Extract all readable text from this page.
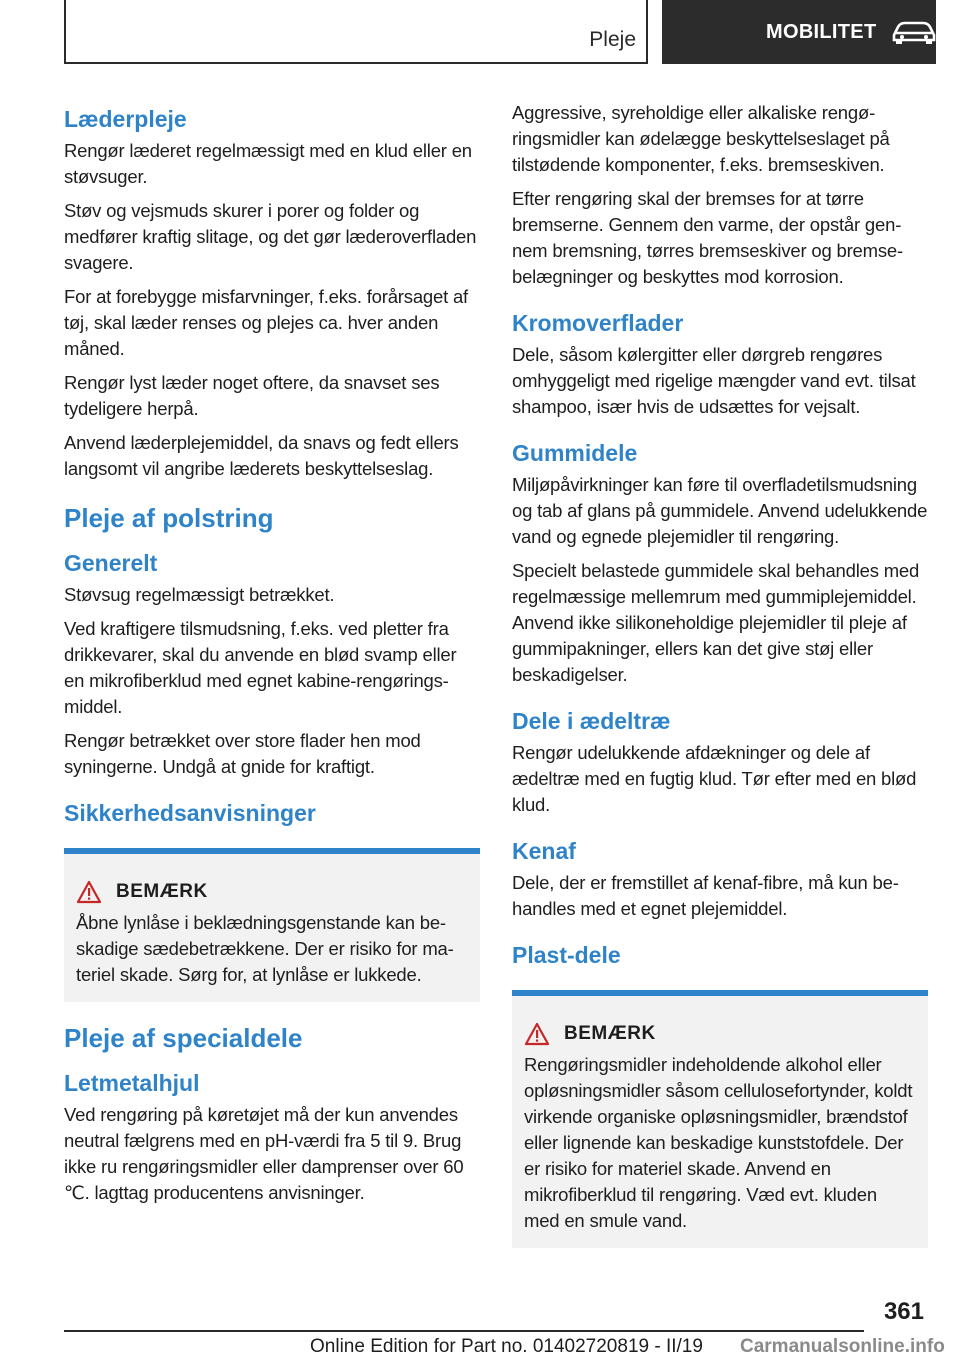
Pleje	MOBILITET
Læderpleje

Rengør læderet regelmæssigt med en klud eller en støvsuger.

Støv og vejsmuds skurer i porer og folder og medfører kraftig slitage, og det gør læderoverfladen svagere.

For at forebygge misfarvninger, f.eks. forårsaget af tøj, skal læder renses og plejes ca. hver anden måned.

Rengør lyst læder noget oftere, da snavset ses tydeligere herpå.

Anvend læderplejemiddel, da snavs og fedt ellers langsomt vil angribe læderets beskyttelseslag.

Pleje af polstring
Generelt

Støvsug regelmæssigt betrækket.

Ved kraftigere tilsmudsning, f.eks. ved pletter fra drikkevarer, skal du anvende en blød svamp eller en mikrofiberklud med egnet kabine-rengøringsmiddel.

Rengør betrækket over store flader hen mod syningerne. Undgå at gnide for kraftigt.

Sikkerhedsanvisninger
BEMÆRK

Åbne lynlåse i beklædningsgenstande kan beskadige sædebetrækkene. Der er risiko for materiel skade. Sørg for, at lynlåse er lukkede.

Pleje af specialdele
Letmetalhjul

Ved rengøring på køretøjet må der kun anvendes neutral fælgrens med en pH-værdi fra 5 til 9. Brug ikke ru rengøringsmidler eller damprenser over 60 ℃. lagttag producentens anvisninger.

Aggressive, syreholdige eller alkaliske rengøringsmidler kan ødelægge beskyttelseslaget på tilstødende komponenter, f.eks. bremseskiven.

Efter rengøring skal der bremses for at tørre bremserne. Gennem den varme, der opstår gennem bremsning, tørres bremseskiver og bremsebelægninger og beskyttes mod korrosion.

Kromoverflader

Dele, såsom kølergitter eller dørgreb rengøres omhyggeligt med rigelige mængder vand evt. tilsat shampoo, især hvis de udsættes for vejsalt.

Gummidele

Miljøpåvirkninger kan føre til overfladetilsmudsning og tab af glans på gummidele. Anvend udelukkende vand og egnede plejemidler til rengøring.

Specielt belastede gummidele skal behandles med regelmæssige mellemrum med gummiplejemiddel. Anvend ikke silikoneholdige plejemidler til pleje af gummipakninger, ellers kan det give støj eller beskadigelser.

Dele i ædeltræ

Rengør udelukkende afdækninger og dele af ædeltræ med en fugtig klud. Tør efter med en blød klud.

Kenaf

Dele, der er fremstillet af kenaf-fibre, må kun behandles med et egnet plejemiddel.

Plast-dele
BEMÆRK

Rengøringsmidler indeholdende alkohol eller opløsningsmidler såsom cellulosefortynder, koldt virkende organiske opløsningsmidler, brændstof eller lignende kan beskadige kunststofdele. Der er risiko for materiel skade. Anvend en mikrofiberklud til rengøring. Væd evt. kluden med en smule vand.

361
Online Edition for Part no. 01402720819 - II/19 Carmanualsonline.info
